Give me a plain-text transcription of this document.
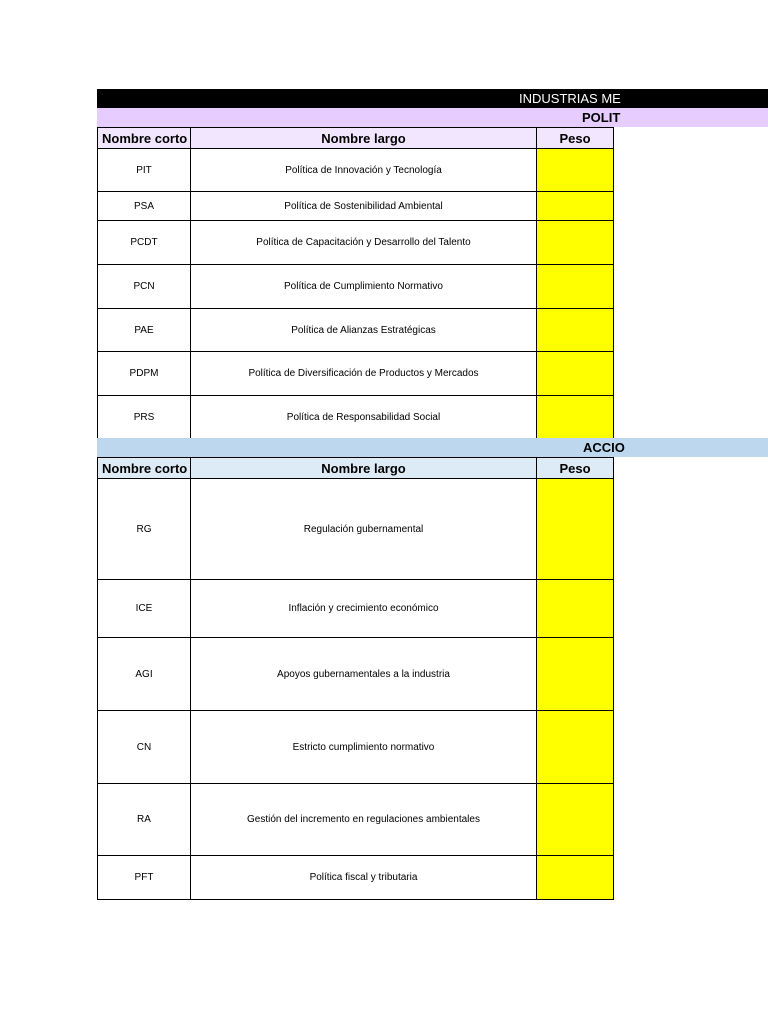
INDUSTRIAS ME
POLIT
Nombre corto	Nombre largo	Peso
PIT	Política de Innovación y Tecnología	
PSA	Política de Sostenibilidad Ambiental	
PCDT	Política de Capacitación y Desarrollo del Talento	
PCN	Política de Cumplimiento Normativo	
PAE	Política de Alianzas Estratégicas	
PDPM	Política de Diversificación de Productos y Mercados	
PRS	Política de Responsabilidad Social	
ACCIO
Nombre corto	Nombre largo	Peso
RG	Regulación gubernamental	
ICE	Inflación y crecimiento económico	
AGI	Apoyos gubernamentales a la industria	
CN	Estricto cumplimiento normativo	
RA	Gestión del incremento en regulaciones ambientales	
PFT	Política fiscal y tributaria	
